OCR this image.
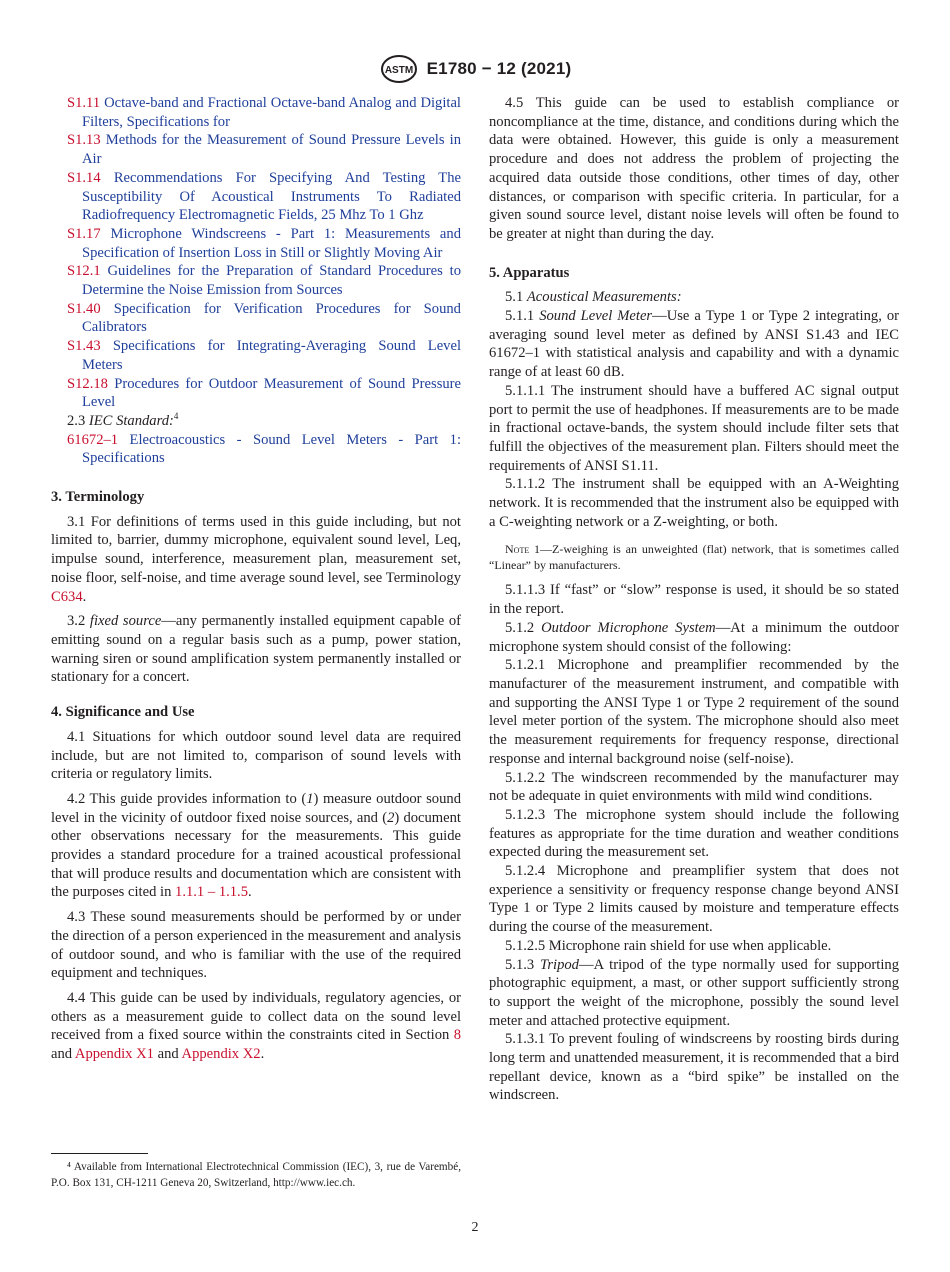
ASTM E1780 − 12 (2021)
S1.11 Octave-band and Fractional Octave-band Analog and Digital Filters, Specifications for
S1.13 Methods for the Measurement of Sound Pressure Levels in Air
S1.14 Recommendations For Specifying And Testing The Susceptibility Of Acoustical Instruments To Radiated Radiofrequency Electromagnetic Fields, 25 Mhz To 1 Ghz
S1.17 Microphone Windscreens - Part 1: Measurements and Specification of Insertion Loss in Still or Slightly Moving Air
S12.1 Guidelines for the Preparation of Standard Procedures to Determine the Noise Emission from Sources
S1.40 Specification for Verification Procedures for Sound Calibrators
S1.43 Specifications for Integrating-Averaging Sound Level Meters
S12.18 Procedures for Outdoor Measurement of Sound Pressure Level

2.3 IEC Standard:$^4$

61672–1 Electroacoustics - Sound Level Meters - Part 1: Specifications
3. Terminology

3.1 For definitions of terms used in this guide including, but not limited to, barrier, dummy microphone, equivalent sound level, Leq, impulse sound, interference, measurement plan, measurement set, noise floor, self-noise, and time average sound level, see Terminology C634.

3.2 fixed source—any permanently installed equipment capable of emitting sound on a regular basis such as a pump, power station, warning siren or sound amplification system permanently installed or stationary for a concert.

4. Significance and Use

4.1 Situations for which outdoor sound level data are required include, but are not limited to, comparison of sound levels with criteria or regulatory limits.

4.2 This guide provides information to (1) measure outdoor sound level in the vicinity of outdoor fixed noise sources, and (2) document other observations necessary for the measurements. This guide provides a standard procedure for a trained acoustical professional that will produce results and documentation which are consistent with the purposes cited in 1.1.1 – 1.1.5.

4.3 These sound measurements should be performed by or under the direction of a person experienced in the measurement and analysis of outdoor sound, and who is familiar with the use of the required equipment and techniques.

4.4 This guide can be used by individuals, regulatory agencies, or others as a measurement guide to collect data on the sound level received from a fixed source within the constraints cited in Section 8 and Appendix X1 and Appendix X2.

4.5 This guide can be used to establish compliance or noncompliance at the time, distance, and conditions during which the data were obtained. However, this guide is only a measurement procedure and does not address the problem of projecting the acquired data outside those conditions, other times of day, other distances, or comparison with specific criteria. In particular, for a given sound source level, distant noise levels will often be found to be greater at night than during the day.

5. Apparatus

5.1 Acoustical Measurements:

5.1.1 Sound Level Meter—Use a Type 1 or Type 2 integrating, or averaging sound level meter as defined by ANSI S1.43 and IEC 61672–1 with statistical analysis and capability and with a dynamic range of at least 60 dB.

5.1.1.1 The instrument should have a buffered AC signal output port to permit the use of headphones. If measurements are to be made in fractional octave-bands, the system should include filter sets that fulfill the objectives of the measurement plan. Filters should meet the requirements of ANSI S1.11.

5.1.1.2 The instrument shall be equipped with an A-Weighting network. It is recommended that the instrument also be equipped with a C-weighting network or a Z-weighting, or both.

Note 1—Z-weighing is an unweighted (flat) network, that is sometimes called “Linear” by manufacturers.

5.1.1.3 If “fast” or “slow” response is used, it should be so stated in the report.

5.1.2 Outdoor Microphone System—At a minimum the outdoor microphone system should consist of the following:

5.1.2.1 Microphone and preamplifier recommended by the manufacturer of the measurement instrument, and compatible with and supporting the ANSI Type 1 or Type 2 requirement of the sound level meter portion of the system. The microphone should also meet the measurement requirements for frequency response, directional response and internal background noise (self-noise).

5.1.2.2 The windscreen recommended by the manufacturer may not be adequate in quiet environments with mild wind conditions.

5.1.2.3 The microphone system should include the following features as appropriate for the time duration and weather conditions expected during the measurement set.

5.1.2.4 Microphone and preamplifier system that does not experience a sensitivity or frequency response change beyond ANSI Type 1 or Type 2 limits caused by moisture and temperature effects during the course of the measurement.

5.1.2.5 Microphone rain shield for use when applicable.

5.1.3 Tripod—A tripod of the type normally used for supporting photographic equipment, a mast, or other support sufficiently strong to support the weight of the microphone, possibly the sound level meter and attached protective equipment.

5.1.3.1 To prevent fouling of windscreens by roosting birds during long term and unattended measurement, it is recommended that a bird repellant device, known as a “bird spike” be installed on the windscreen.

⁴ Available from International Electrotechnical Commission (IEC), 3, rue de Varembé, P.O. Box 131, CH-1211 Geneva 20, Switzerland, http://www.iec.ch.
2
